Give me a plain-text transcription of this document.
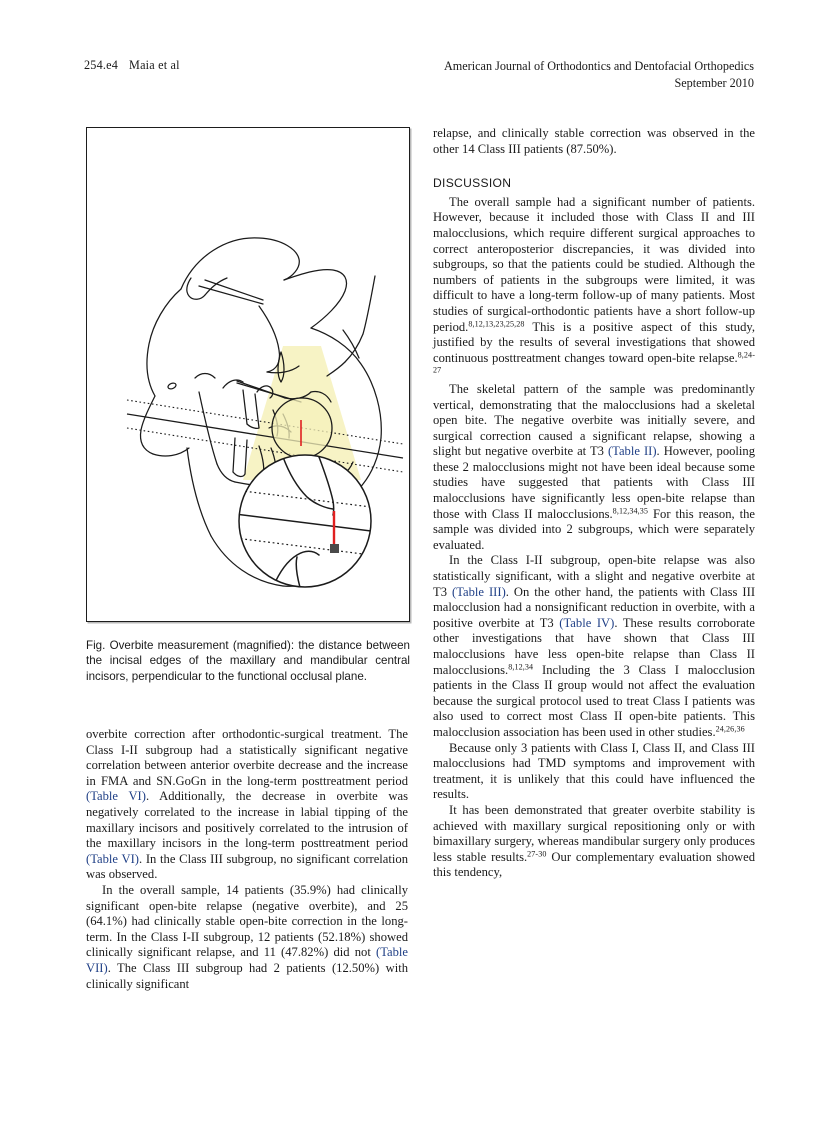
254.e4 Maia et al	American Journal of Orthodontics and Dentofacial Orthopedics
September 2010
Fig. Overbite measurement (magnified): the distance between the incisal edges of the maxillary and mandibular central incisors, perpendicular to the functional occlusal plane.

overbite correction after orthodontic-surgical treatment. The Class I-II subgroup had a statistically significant negative correlation between anterior overbite decrease and the increase in FMA and SN.GoGn in the long-term posttreatment period (Table VI). Additionally, the decrease in overbite was negatively correlated to the increase in labial tipping of the maxillary incisors and positively correlated to the intrusion of the maxillary incisors in the long-term posttreatment period (Table VI). In the Class III subgroup, no significant correlation was observed.

In the overall sample, 14 patients (35.9%) had clinically significant open-bite relapse (negative overbite), and 25 (64.1%) had clinically stable open-bite correction in the long-term. In the Class I-II subgroup, 12 patients (52.18%) showed clinically significant relapse, and 11 (47.82%) did not (Table VII). The Class III subgroup had 2 patients (12.50%) with clinically significant

relapse, and clinically stable correction was observed in the other 14 Class III patients (87.50%).

DISCUSSION

The overall sample had a significant number of patients. However, because it included those with Class II and III malocclusions, which require different surgical approaches to correct anteroposterior discrepancies, it was divided into subgroups, so that the patients could be studied. Although the numbers of patients in the subgroups were limited, it was difficult to have a long-term follow-up of many patients. Most studies of surgical-orthodontic patients have a short follow-up period.$^{8,12,13,23,25,28}$ This is a positive aspect of this study, justified by the results of several investigations that showed continuous posttreatment changes toward open-bite relapse.$^{8,24-27}$

The skeletal pattern of the sample was predominantly vertical, demonstrating that the malocclusions had a skeletal open bite. The negative overbite was initially severe, and surgical correction caused a significant relapse, showing a slight but negative overbite at T3 (Table II). However, pooling these 2 malocclusions might not have been ideal because some studies have suggested that patients with Class III malocclusions have significantly less open-bite relapse than those with Class II malocclusions.$^{8,12,34,35}$ For this reason, the sample was divided into 2 subgroups, which were separately evaluated.

In the Class I-II subgroup, open-bite relapse was also statistically significant, with a slight and negative overbite at T3 (Table III). On the other hand, the patients with Class III malocclusion had a nonsignificant reduction in overbite, with a positive overbite at T3 (Table IV). These results corroborate other investigations that have shown that Class III malocclusions have less open-bite relapse than Class II malocclusions.$^{8,12,34}$ Including the 3 Class I malocclusion patients in the Class II group would not affect the evaluation because the surgical protocol used to treat Class I patients was also used to correct most Class II open-bite patients. This malocclusion association has been used in other studies.$^{24,26,36}$

Because only 3 patients with Class I, Class II, and Class III malocclusions had TMD symptoms and improvement with treatment, it is unlikely that this could have influenced the results.

It has been demonstrated that greater overbite stability is achieved with maxillary surgical repositioning only or with bimaxillary surgery, whereas mandibular surgery only produces less stable results.$^{27-30}$ Our complementary evaluation showed this tendency,
